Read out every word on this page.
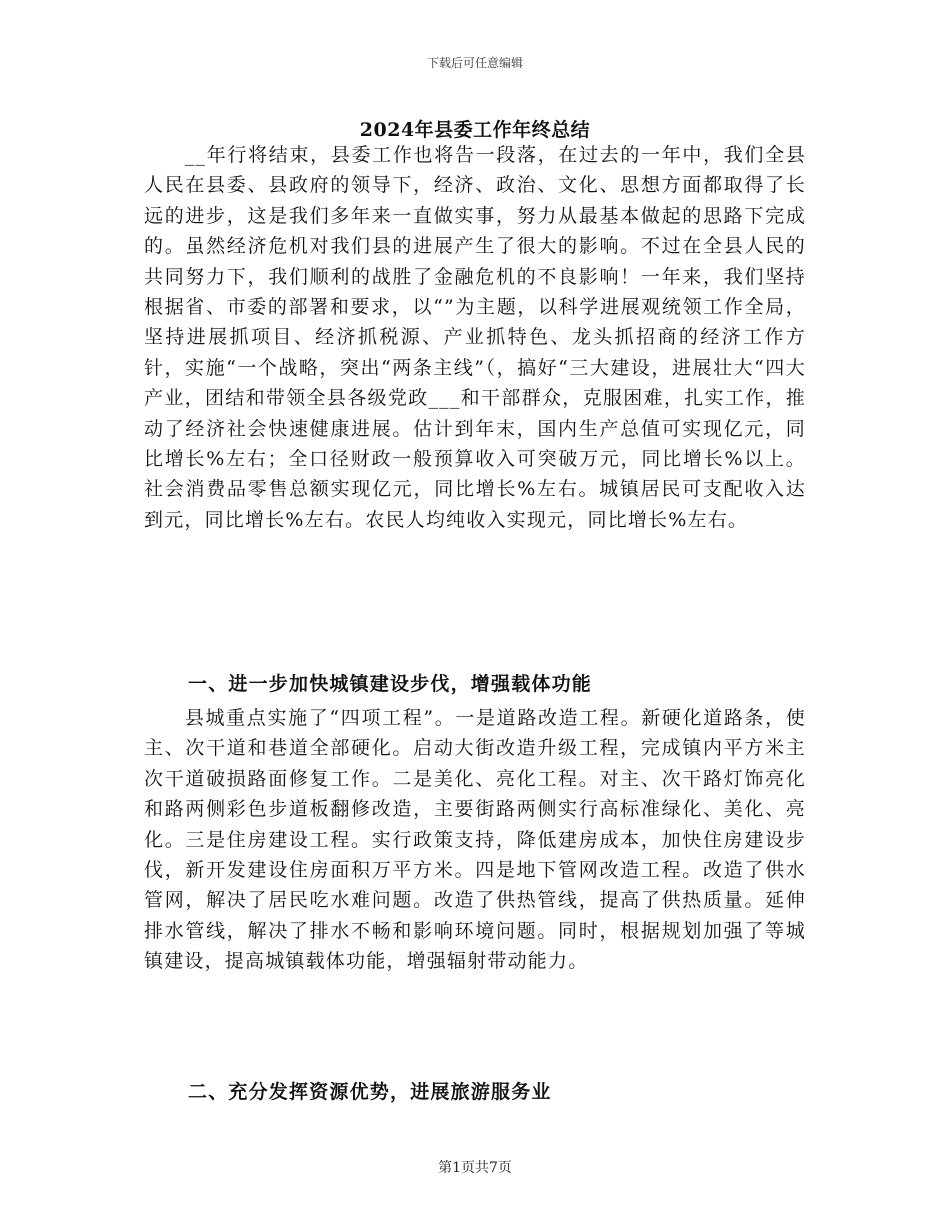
下载后可任意编辑
2024年县委工作年终总结

__年行将结束，县委工作也将告一段落，在过去的一年中，我们全县人民在县委、县政府的领导下，经济、政治、文化、思想方面都取得了长远的进步，这是我们多年来一直做实事，努力从最基本做起的思路下完成的。虽然经济危机对我们县的进展产生了很大的影响。不过在全县人民的共同努力下，我们顺利的战胜了金融危机的不良影响！一年来，我们坚持根据省、市委的部署和要求，以“”为主题，以科学进展观统领工作全局，坚持进展抓项目、经济抓税源、产业抓特色、龙头抓招商的经济工作方针，实施“一个战略，突出“两条主线”（，搞好“三大建设，进展壮大“四大产业，团结和带领全县各级党政___和干部群众，克服困难，扎实工作，推动了经济社会快速健康进展。估计到年末，国内生产总值可实现亿元，同比增长%左右；全口径财政一般预算收入可突破万元，同比增长%以上。社会消费品零售总额实现亿元，同比增长%左右。城镇居民可支配收入达到元，同比增长%左右。农民人均纯收入实现元，同比增长%左右。

一、进一步加快城镇建设步伐，增强载体功能

县城重点实施了“四项工程”。一是道路改造工程。新硬化道路条，使主、次干道和巷道全部硬化。启动大街改造升级工程，完成镇内平方米主次干道破损路面修复工作。二是美化、亮化工程。对主、次干路灯饰亮化和路两侧彩色步道板翻修改造，主要街路两侧实行高标准绿化、美化、亮化。三是住房建设工程。实行政策支持，降低建房成本，加快住房建设步伐，新开发建设住房面积万平方米。四是地下管网改造工程。改造了供水管网，解决了居民吃水难问题。改造了供热管线，提高了供热质量。延伸排水管线，解决了排水不畅和影响环境问题。同时，根据规划加强了等城镇建设，提高城镇载体功能，增强辐射带动能力。

二、充分发挥资源优势，进展旅游服务业
第1页共7页
